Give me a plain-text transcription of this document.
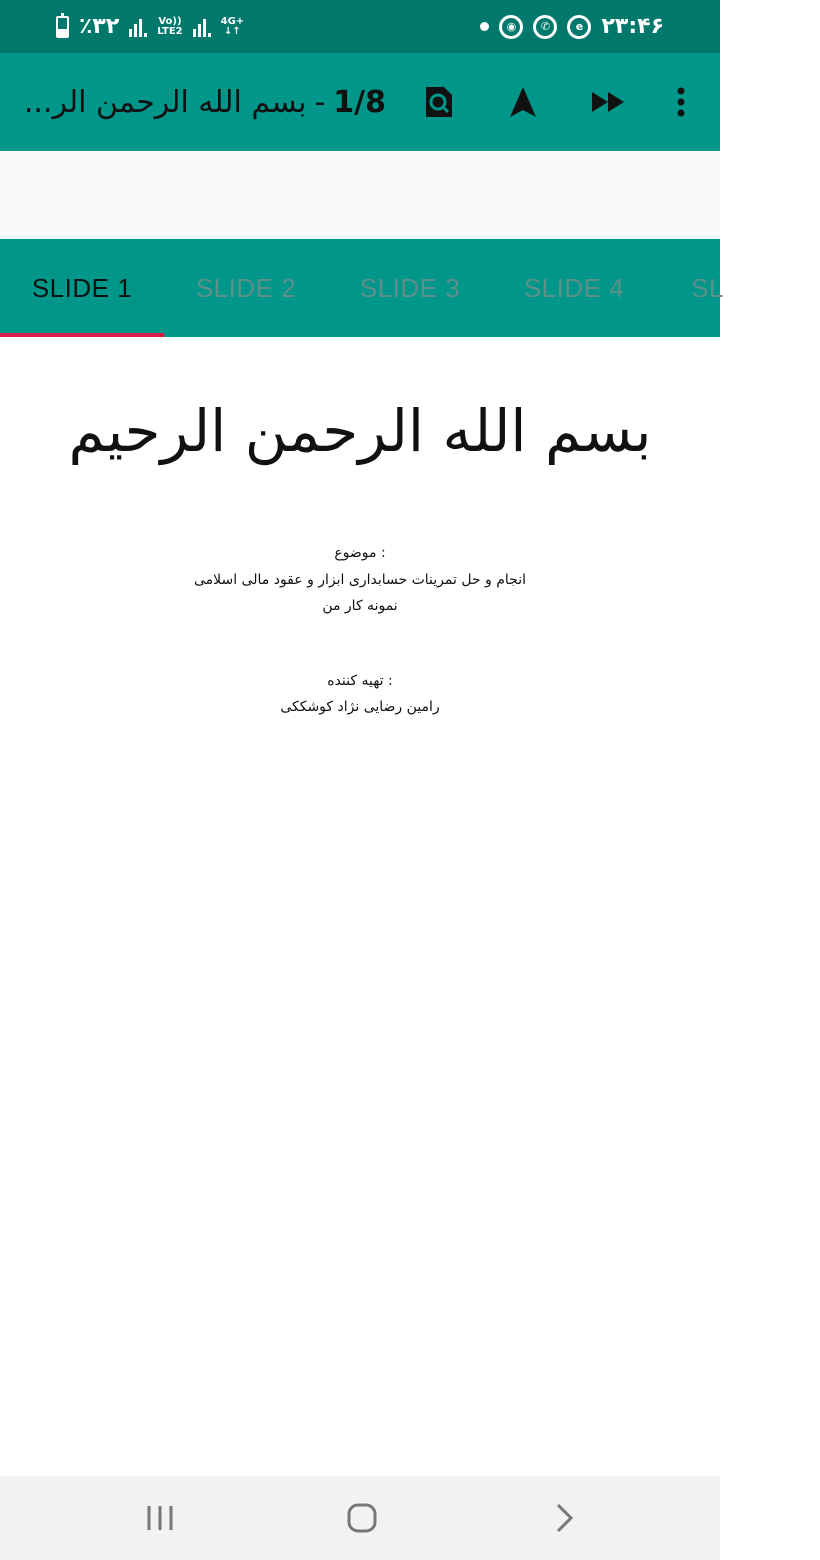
٪۳۲	Vo))
LTE2
4G+
↓↑	◉	✆	e ۲۳:۴۶
بسم الله الرحمن الر... - 1/8
SLIDE 1	SLIDE 2	SLIDE 3	SLIDE 4	SL
بسم الله الرحمن الرحيم
: موضوع
انجام و حل تمرینات حسابداری ابزار و عقود مالی اسلامی
نمونه کار من
: تهیه کننده
رامین رضایی نژاد کوشککی
